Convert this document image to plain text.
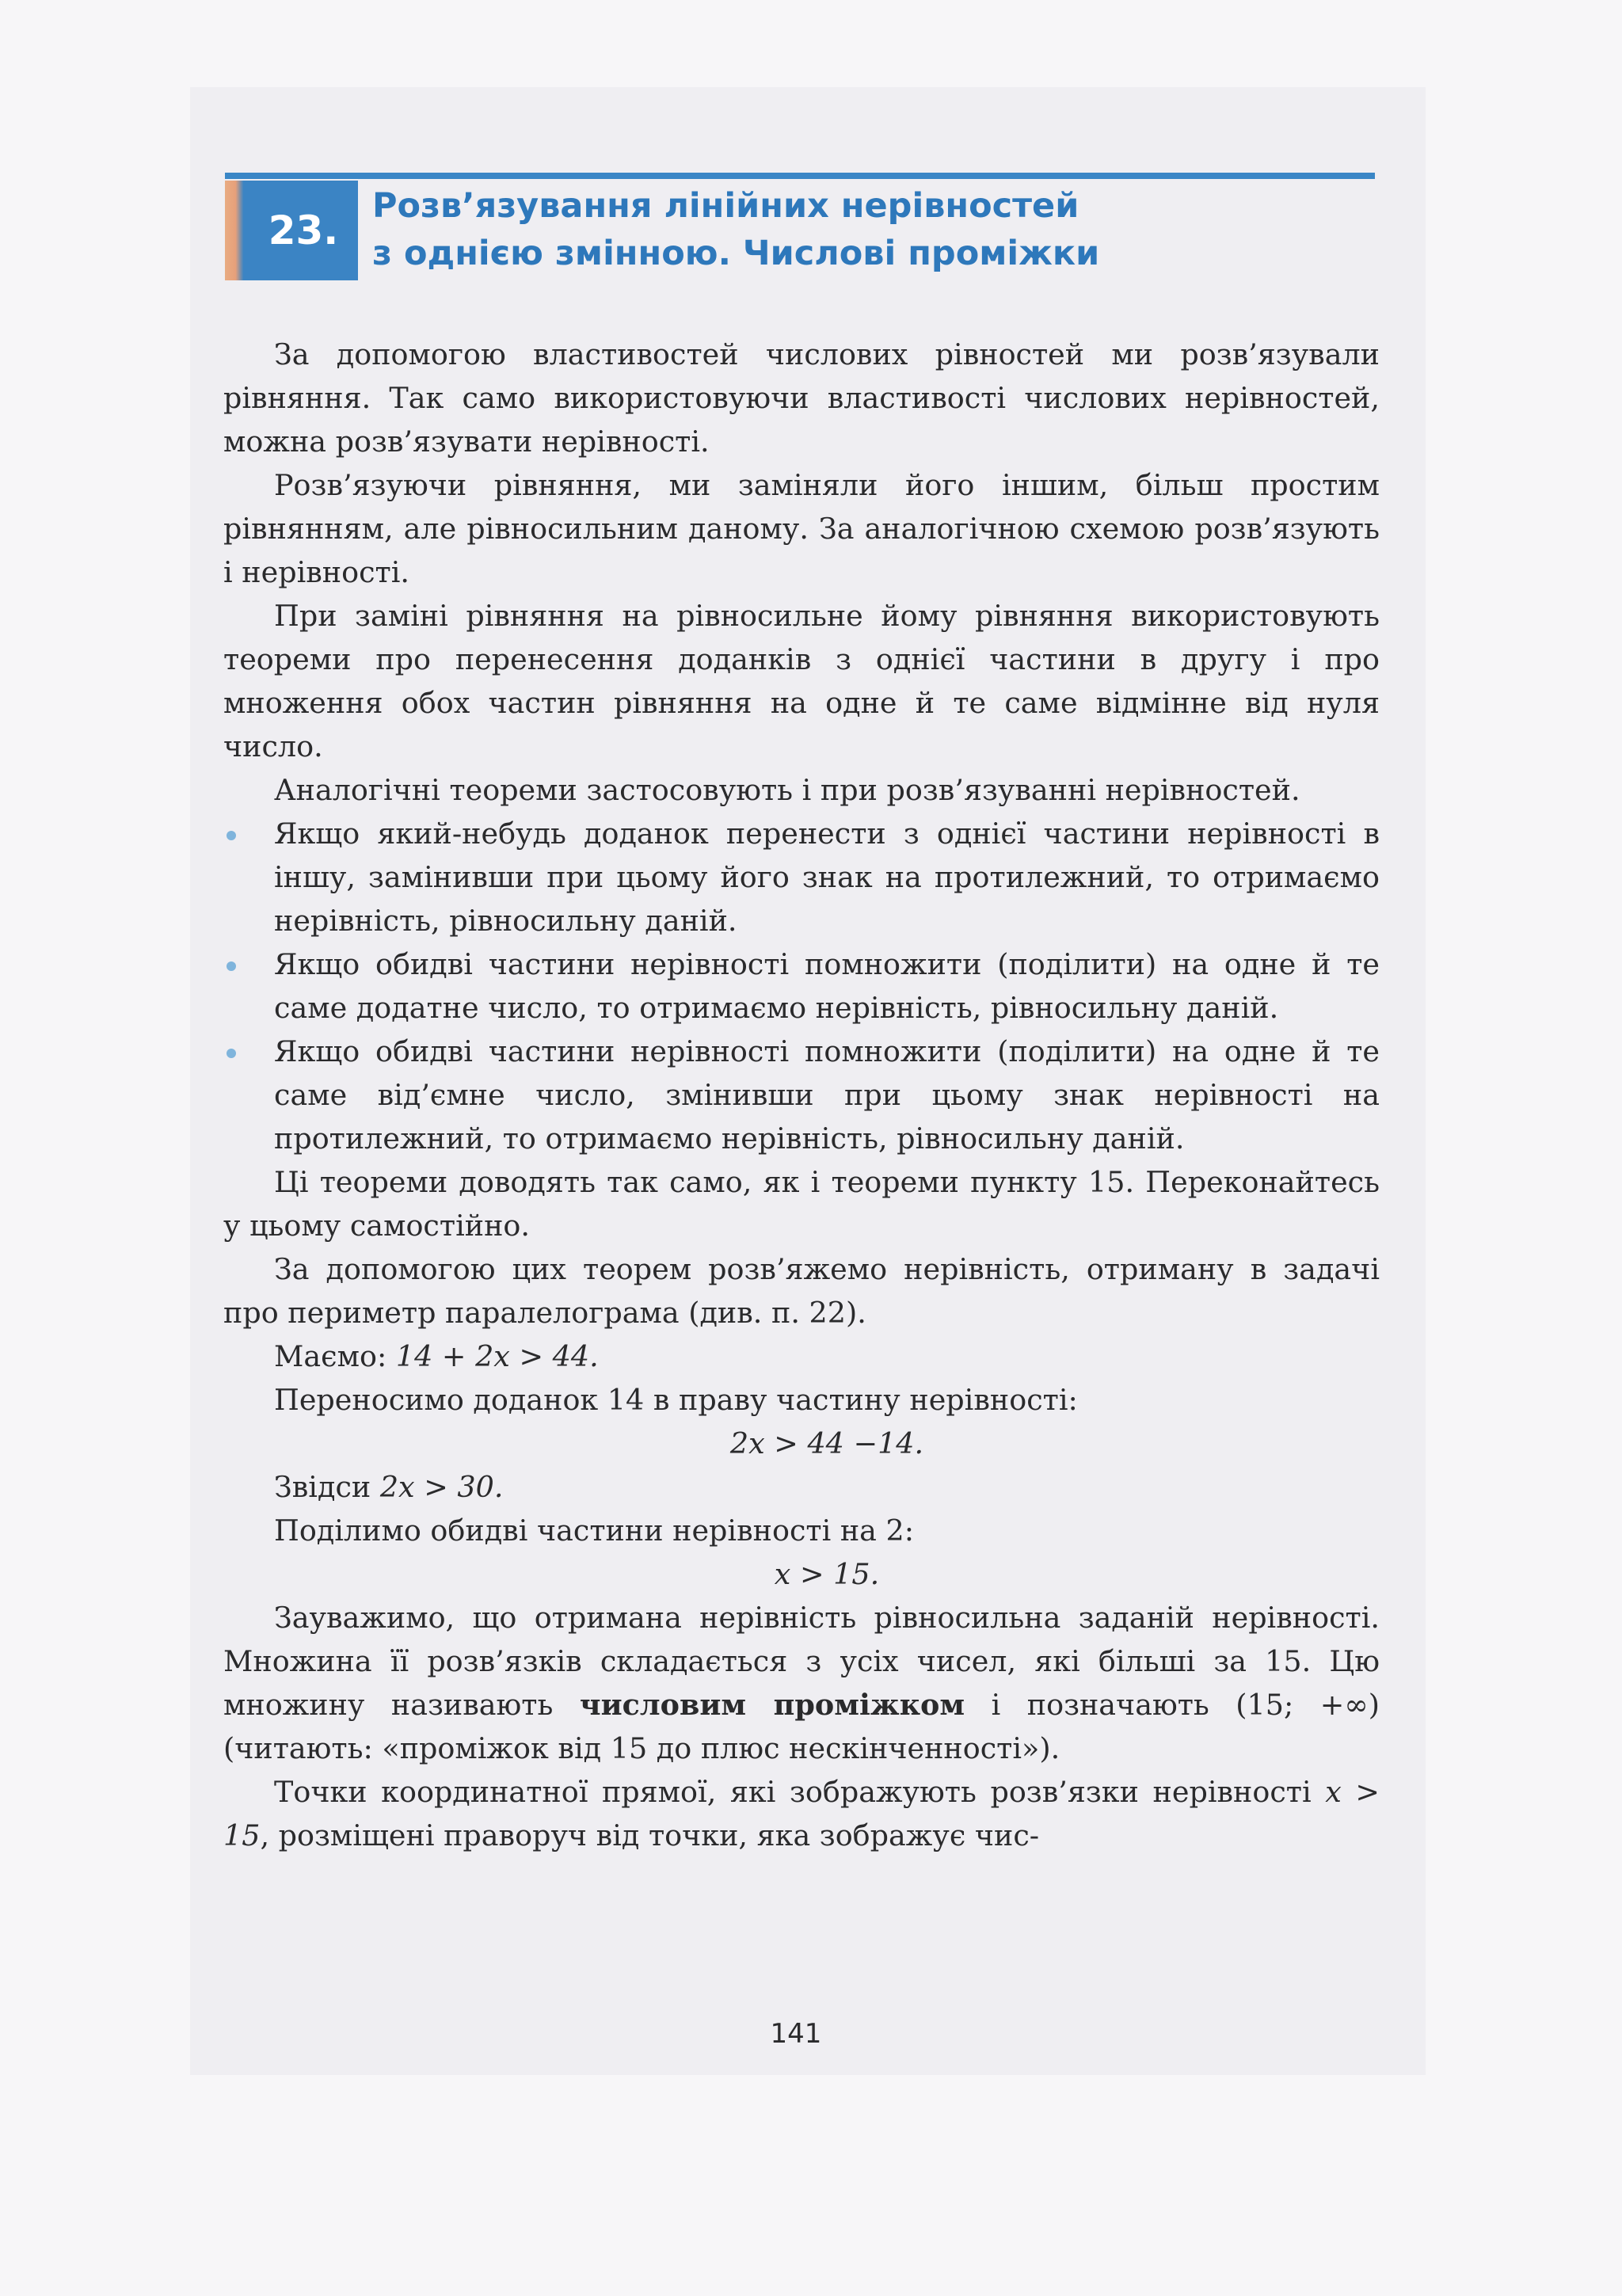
23.
Розв’язування лінійних нерівностей
з однією змінною. Числові проміжки

За допомогою властивостей числових рівностей ми розв’язували рівняння. Так само використовуючи властивості числових нерівностей, можна розв’язувати нерівності.

Розв’язуючи рівняння, ми заміняли його іншим, більш простим рівнянням, але рівносильним даному. За аналогічною схемою розв’язують і нерівності.

При заміні рівняння на рівносильне йому рівняння використовують теореми про перенесення доданків з однієї частини в другу і про множення обох частин рівняння на одне й те саме відмінне від нуля число.

Аналогічні теореми застосовують і при розв’язуванні нерівностей.

Якщо який-небудь доданок перенести з однієї частини нерівності в іншу, замінивши при цьому його знак на протилежний, то отримаємо нерівність, рівносильну даній.
Якщо обидві частини нерівності помножити (поділити) на одне й те саме додатне число, то отримаємо нерівність, рівносильну даній.
Якщо обидві частини нерівності помножити (поділити) на одне й те саме від’ємне число, змінивши при цьому знак нерівності на протилежний, то отримаємо нерівність, рівносильну даній.

Ці теореми доводять так само, як і теореми пункту 15. Переконайтесь у цьому самостійно.

За допомогою цих теорем розв’яжемо нерівність, отриману в задачі про периметр паралелограма (див. п. 22).

Маємо: 14 + 2x > 44.
Переносимо доданок 14 в праву частину нерівності:
2x > 44 −14.
Звідси 2x > 30.
Поділимо обидві частини нерівності на 2:
x > 15.

Зауважимо, що отримана нерівність рівносильна заданій нерівності. Множина її розв’язків складається з усіх чисел, які більші за 15. Цю множину називають числовим проміжком і позначають (15; +∞) (читають: «проміжок від 15 до плюс нескінченності»).

Точки координатної прямої, які зображують розв’язки нерівності x > 15, розміщені праворуч від точки, яка зображує чис-

141
